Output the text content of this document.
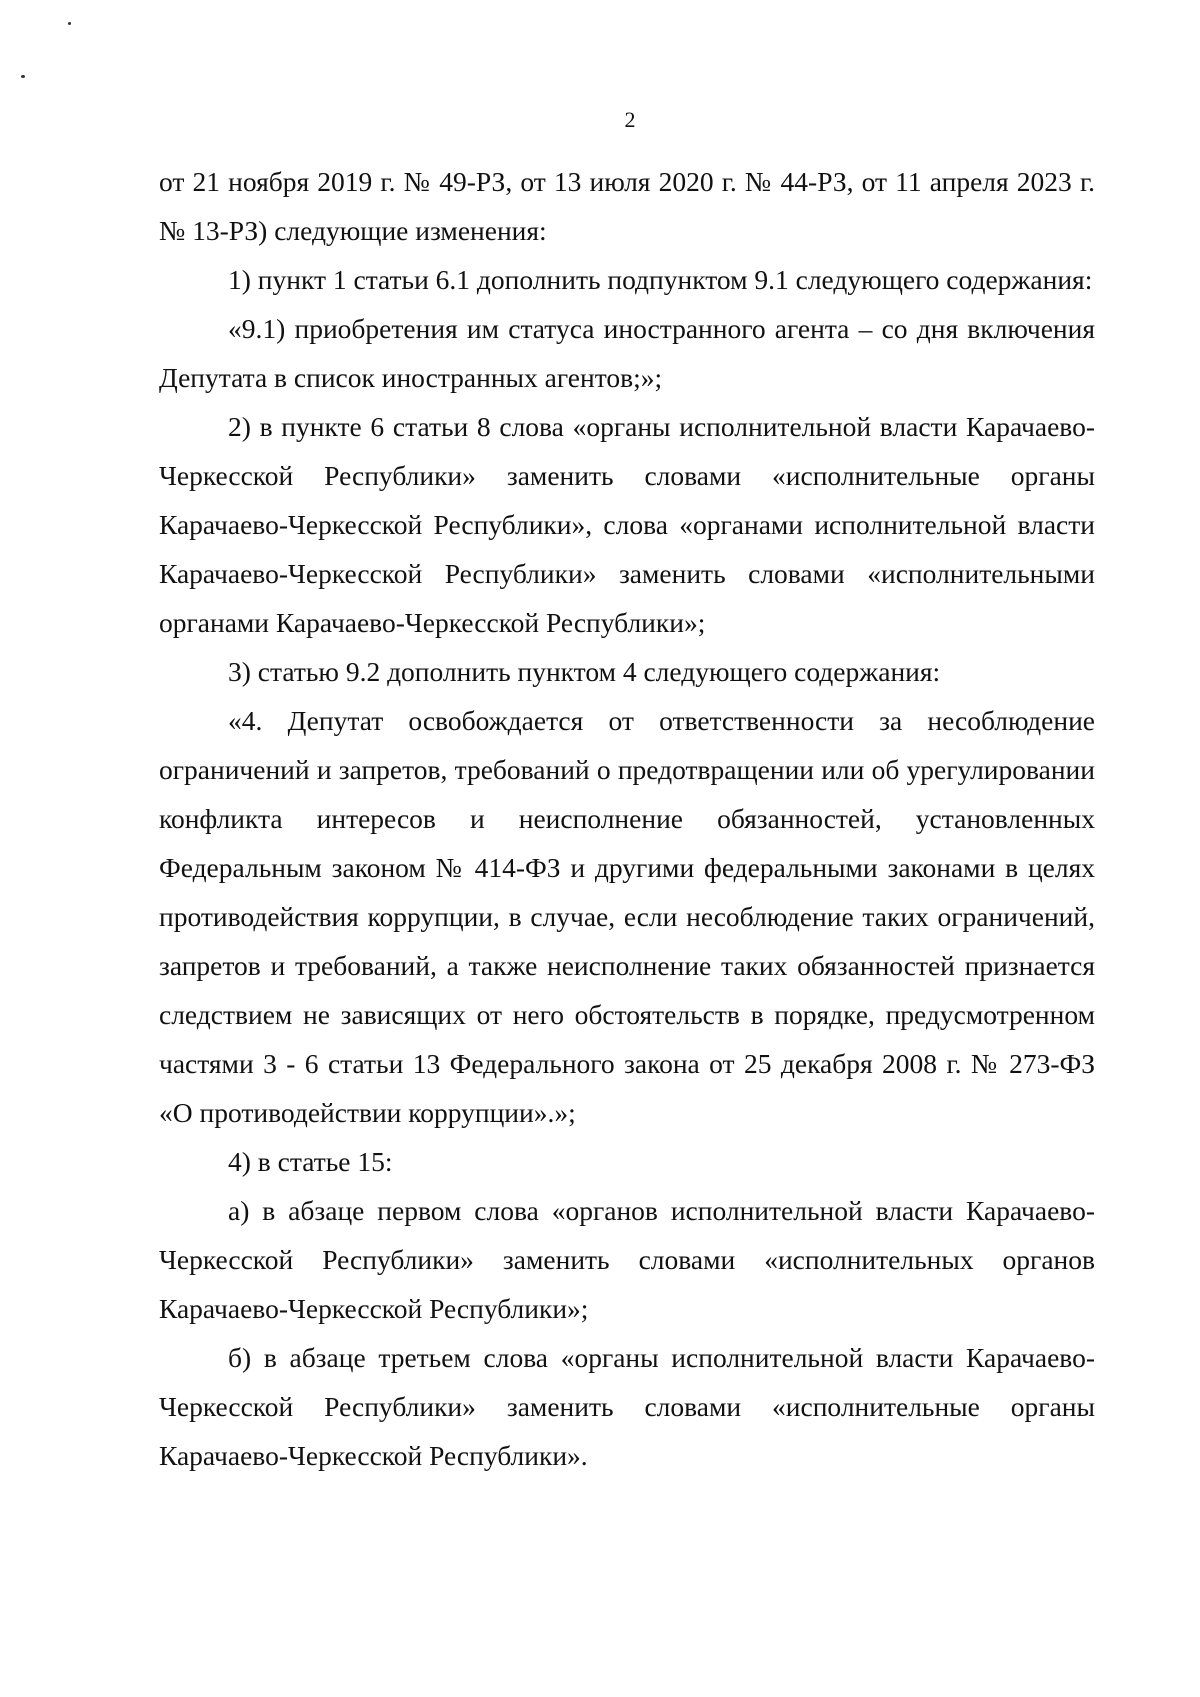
2

от 21 ноября 2019 г. № 49-РЗ, от 13 июля 2020 г. № 44-РЗ, от 11 апреля 2023 г. № 13-РЗ) следующие изменения:

1) пункт 1 статьи 6.1 дополнить подпунктом 9.1 следующего содержания:

«9.1) приобретения им статуса иностранного агента – со дня включения Депутата в список иностранных агентов;»;

2) в пункте 6 статьи 8 слова «органы исполнительной власти Карачаево-Черкесской Республики» заменить словами «исполнительные органы Карачаево-Черкесской Республики», слова «органами исполнительной власти Карачаево-Черкесской Республики» заменить словами «исполнительными органами Карачаево-Черкесской Республики»;

3) статью 9.2 дополнить пунктом 4 следующего содержания:

«4. Депутат освобождается от ответственности за несоблюдение ограничений и запретов, требований о предотвращении или об урегулировании конфликта интересов и неисполнение обязанностей, установленных Федеральным законом № 414-ФЗ и другими федеральными законами в целях противодействия коррупции, в случае, если несоблюдение таких ограничений, запретов и требований, а также неисполнение таких обязанностей признается следствием не зависящих от него обстоятельств в порядке, предусмотренном частями 3 - 6 статьи 13 Федерального закона от 25 декабря 2008 г. № 273-ФЗ «О противодействии коррупции».»;

4) в статье 15:

а) в абзаце первом слова «органов исполнительной власти Карачаево-Черкесской Республики» заменить словами «исполнительных органов Карачаево-Черкесской Республики»;

б) в абзаце третьем слова «органы исполнительной власти Карачаево-Черкесской Республики» заменить словами «исполнительные органы Карачаево-Черкесской Республики».
